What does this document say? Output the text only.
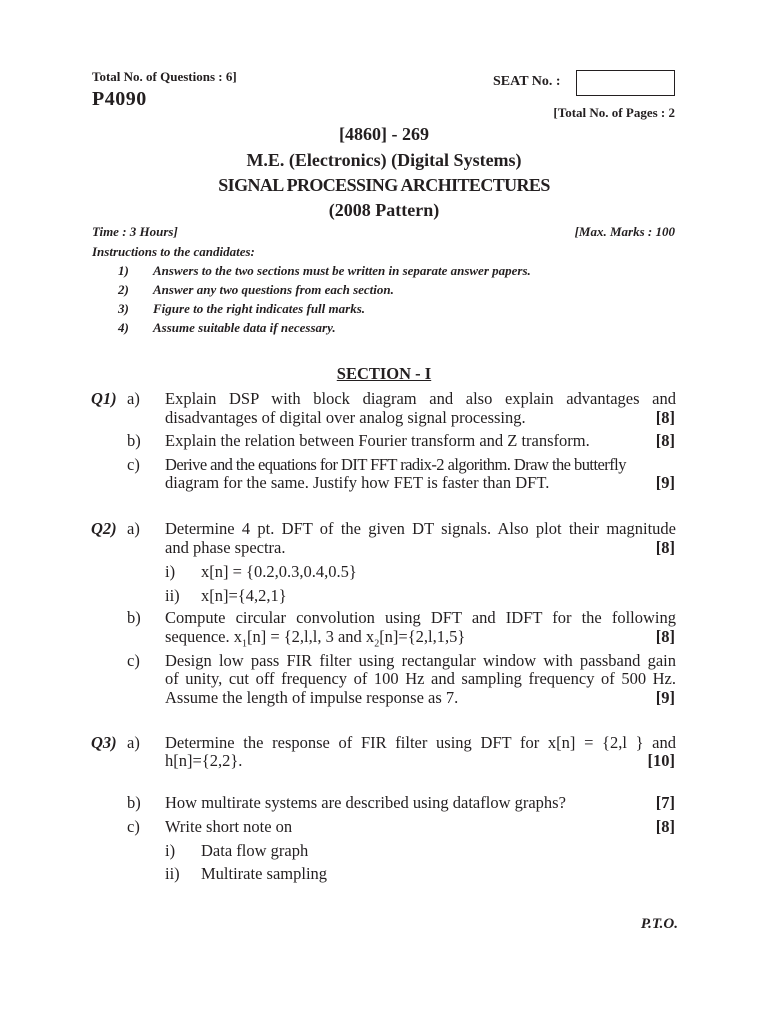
Total No. of Questions : 6]
P4090
SEAT No. :
[Total No. of Pages : 2
[4860] - 269
M.E. (Electronics) (Digital Systems)
SIGNAL PROCESSING ARCHITECTURES
(2008 Pattern)
Time : 3 Hours]	[Max. Marks : 100
Instructions to the candidates:
1) Answers to the two sections must be written in separate answer papers.
2) Answer any two questions from each section.
3) Figure to the right indicates full marks.
4) Assume suitable data if necessary.
SECTION - I
Q1) a) Explain DSP with block diagram and also explain advantages and
disadvantages of digital over analog signal processing.	[8]
b) Explain the relation between Fourier transform and Z transform.	[8]
c) Derive and the equations for DIT FFT radix-2 algorithm. Draw the butterfly
diagram for the same. Justify how FET is faster than DFT.	[9]
Q2) a) Determine 4 pt. DFT of the given DT signals. Also plot their magnitude
and phase spectra.	[8]
i) x[n] = {0.2,0.3,0.4,0.5}
ii) x[n]={4,2,1}
b) Compute circular convolution using DFT and IDFT for the following
sequence. $x_1[n] = \{2,l,l$, 3 and $x_2[n]=\{2,l,1,5\}$	[8]
c) Design low pass FIR filter using rectangular window with passband gain
of unity, cut off frequency of 100 Hz and sampling frequency of 500 Hz.
Assume the length of impulse response as 7.	[9]
Q3) a) Determine the response of FIR filter using DFT for x[n] = {2,l } and
h[n]={2,2}.	[10]
b) How multirate systems are described using dataflow graphs?	[7]
c) Write short note on	[8]
i) Data flow graph
ii) Multirate sampling
P.T.O.
